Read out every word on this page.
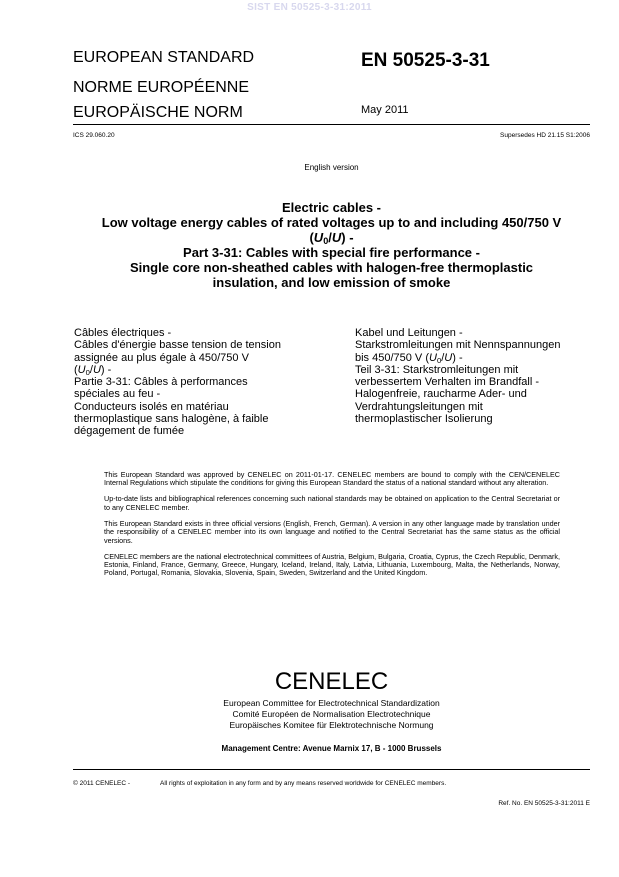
SIST EN 50525-3-31:2011
EUROPEAN STANDARD
NORME EUROPÉENNE
EUROPÄISCHE NORM
EN 50525-3-31
May 2011
ICS 29.060.20	Supersedes HD 21.15 S1:2006
English version
Electric cables -
Low voltage energy cables of rated voltages up to and including 450/750 V
$(U_0/U)$ -
Part 3-31: Cables with special fire performance -
Single core non-sheathed cables with halogen-free thermoplastic
insulation, and low emission of smoke
Câbles électriques -
Câbles d'énergie basse tension de tension
assignée au plus égale à 450/750 V
$(U_0/U)$ -
Partie 3-31: Câbles à performances
spéciales au feu -
Conducteurs isolés en matériau
thermoplastique sans halogène, à faible
dégagement de fumée
Kabel und Leitungen -
Starkstromleitungen mit Nennspannungen
bis 450/750 V $(U_0/U)$ -
Teil 3-31: Starkstromleitungen mit
verbessertem Verhalten im Brandfall -
Halogenfreie, raucharme Ader- und
Verdrahtungsleitungen mit
thermoplastischer Isolierung

This European Standard was approved by CENELEC on 2011-01-17. CENELEC members are bound to comply with the CEN/CENELEC Internal Regulations which stipulate the conditions for giving this European Standard the status of a national standard without any alteration.

Up-to-date lists and bibliographical references concerning such national standards may be obtained on application to the Central Secretariat or to any CENELEC member.

This European Standard exists in three official versions (English, French, German). A version in any other language made by translation under the responsibility of a CENELEC member into its own language and notified to the Central Secretariat has the same status as the official versions.

CENELEC members are the national electrotechnical committees of Austria, Belgium, Bulgaria, Croatia, Cyprus, the Czech Republic, Denmark, Estonia, Finland, France, Germany, Greece, Hungary, Iceland, Ireland, Italy, Latvia, Lithuania, Luxembourg, Malta, the Netherlands, Norway, Poland, Portugal, Romania, Slovakia, Slovenia, Spain, Sweden, Switzerland and the United Kingdom.

CENELEC
European Committee for Electrotechnical Standardization
Comité Européen de Normalisation Electrotechnique
Europäisches Komitee für Elektrotechnische Normung
Management Centre: Avenue Marnix 17, B - 1000 Brussels
© 2011 CENELEC -	All rights of exploitation in any form and by any means reserved worldwide for CENELEC members.
Ref. No. EN 50525-3-31:2011 E
